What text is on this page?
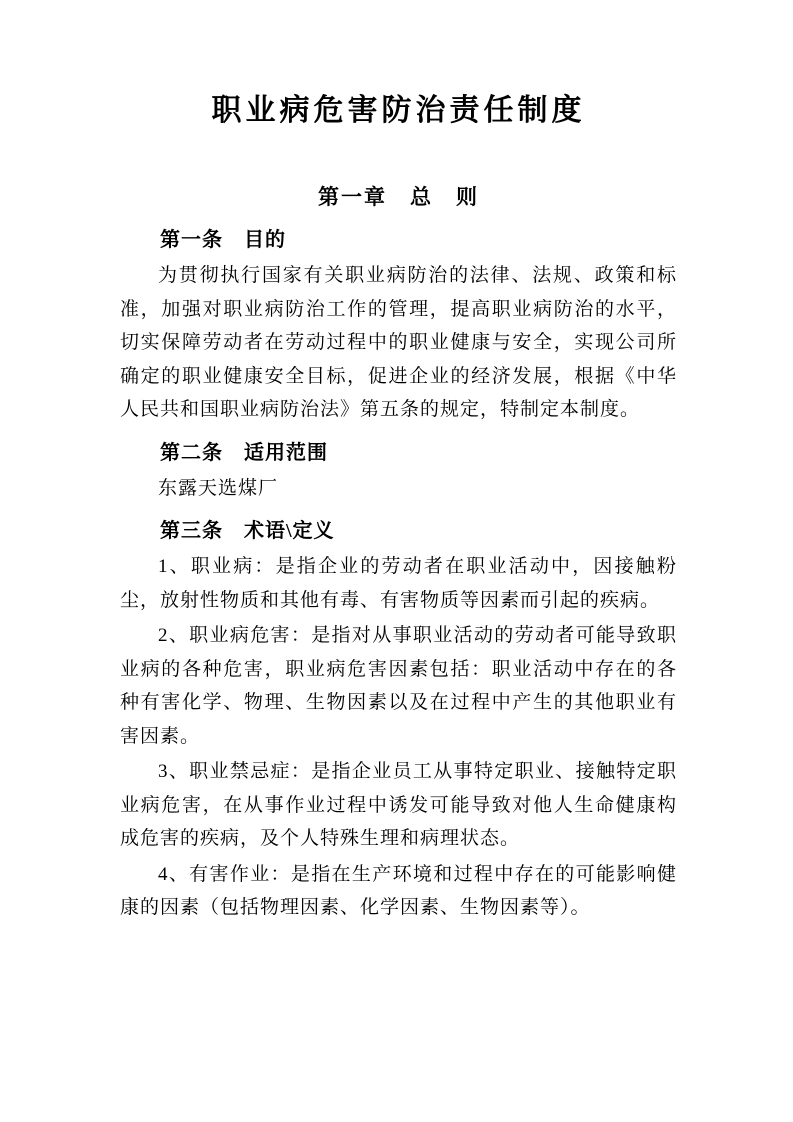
职业病危害防治责任制度
第一章　总　则
第一条　目的

为贯彻执行国家有关职业病防治的法律、法规、政策和标准，加强对职业病防治工作的管理，提高职业病防治的水平，切实保障劳动者在劳动过程中的职业健康与安全，实现公司所确定的职业健康安全目标，促进企业的经济发展，根据《中华人民共和国职业病防治法》第五条的规定，特制定本制度。

第二条　适用范围

东露天选煤厂

第三条　术语\定义

1、职业病：是指企业的劳动者在职业活动中，因接触粉尘，放射性物质和其他有毒、有害物质等因素而引起的疾病。

2、职业病危害：是指对从事职业活动的劳动者可能导致职业病的各种危害，职业病危害因素包括：职业活动中存在的各种有害化学、物理、生物因素以及在过程中产生的其他职业有害因素。

3、职业禁忌症：是指企业员工从事特定职业、接触特定职业病危害，在从事作业过程中诱发可能导致对他人生命健康构成危害的疾病，及个人特殊生理和病理状态。

4、有害作业：是指在生产环境和过程中存在的可能影响健康的因素（包括物理因素、化学因素、生物因素等）。
